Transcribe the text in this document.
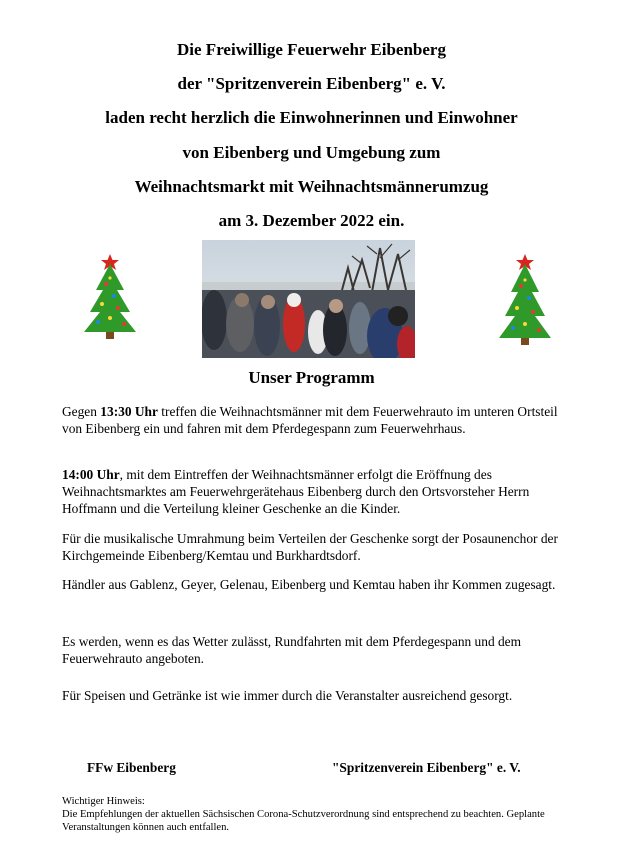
Die Freiwillige Feuerwehr Eibenberg
der "Spritzenverein Eibenberg" e. V.
laden recht herzlich die Einwohnerinnen und Einwohner
von Eibenberg und Umgebung zum
Weihnachtsmarkt mit Weihnachtsmännerumzug
am 3. Dezember 2022 ein.
Unser Programm
Gegen 13:30 Uhr treffen die Weihnachtsmänner mit dem Feuerwehrauto im unteren Ortsteil von Eibenberg ein und fahren mit dem Pferdegespann zum Feuerwehrhaus.
14:00 Uhr, mit dem Eintreffen der Weihnachtsmänner erfolgt die Eröffnung des Weihnachtsmarktes am Feuerwehrgerätehaus Eibenberg durch den Ortsvorsteher Herrn Hoffmann und die Verteilung kleiner Geschenke an die Kinder.
Für die musikalische Umrahmung beim Verteilen der Geschenke sorgt der Posaunenchor der Kirchgemeinde Eibenberg/Kemtau und Burkhardtsdorf.
Händler aus Gablenz, Geyer, Gelenau, Eibenberg und Kemtau haben ihr Kommen zugesagt.
Es werden, wenn es das Wetter zulässt, Rundfahrten mit dem Pferdegespann und dem Feuerwehrauto angeboten.
Für Speisen und Getränke ist wie immer durch die Veranstalter ausreichend gesorgt.
FFw Eibenberg	"Spritzenverein Eibenberg" e. V.
Wichtiger Hinweis:
Die Empfehlungen der aktuellen Sächsischen Corona-Schutzverordnung sind entsprechend zu beachten. Geplante Veranstaltungen können auch entfallen.
